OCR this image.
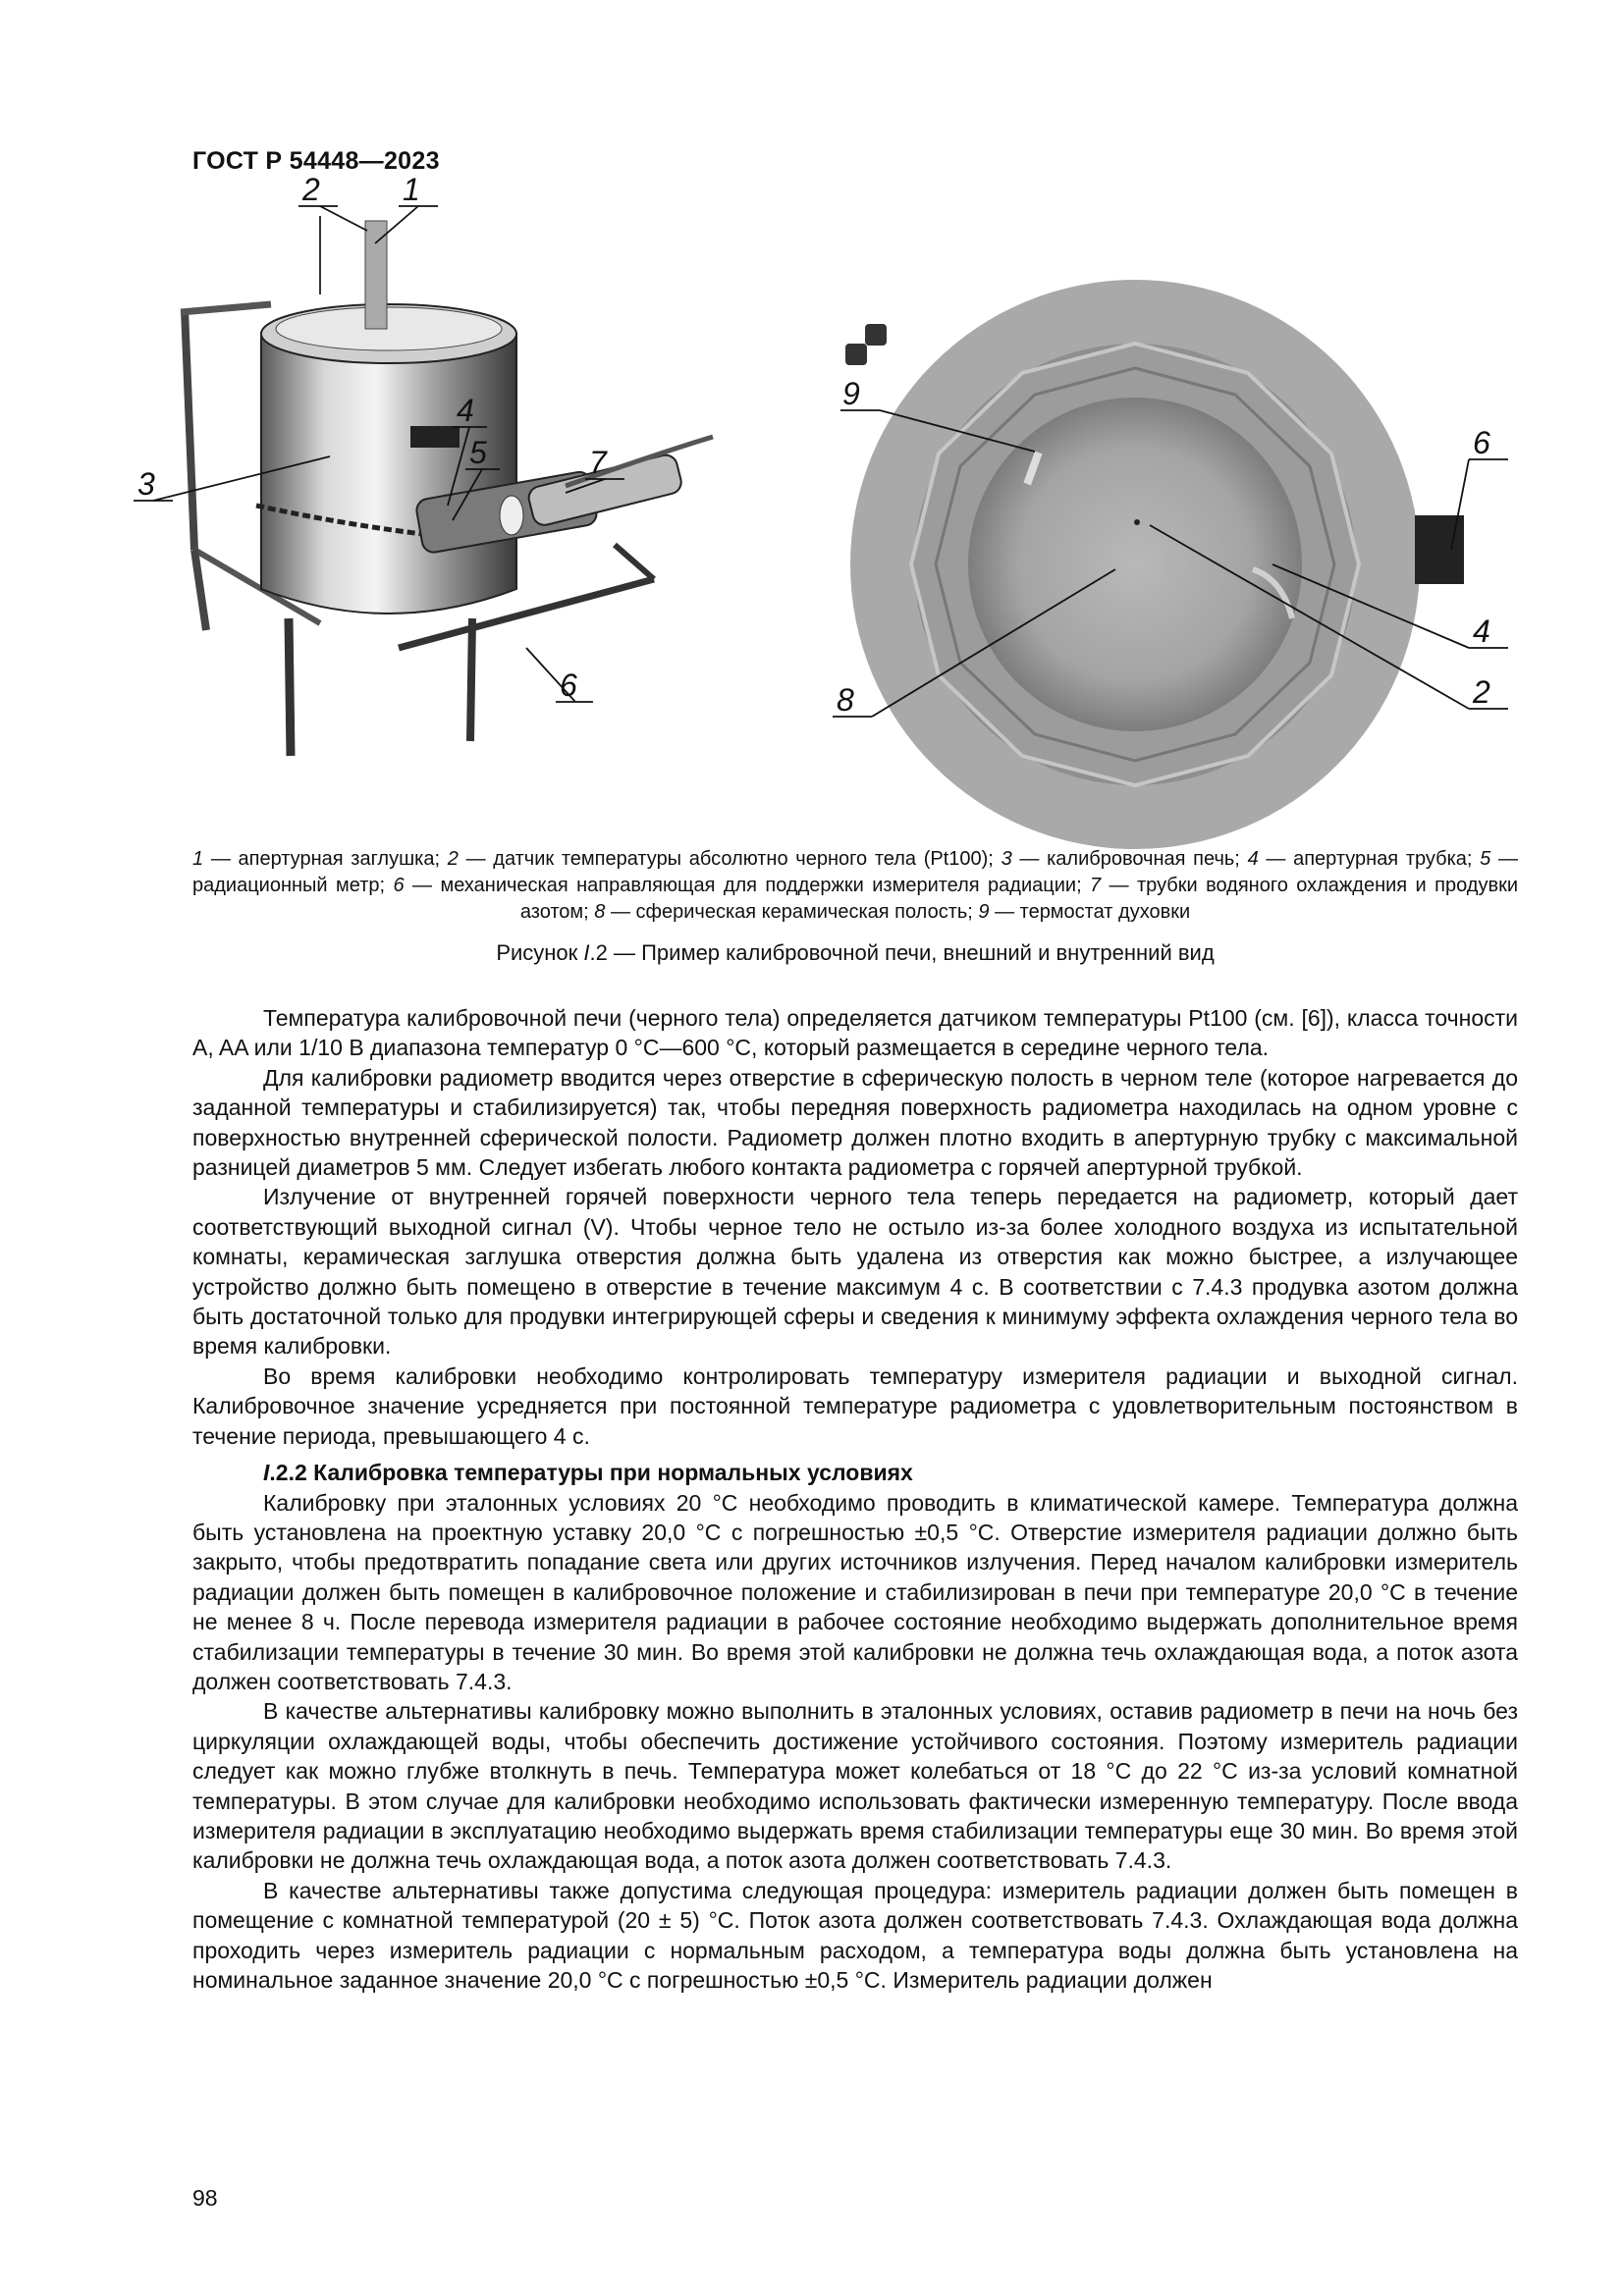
ГОСТ Р 54448—2023
2	1
3
4
5	7
6
9
6
4
8	2
1 — апертурная заглушка; 2 — датчик температуры абсолютно черного тела (Pt100); 3 — калибровочная печь; 4 — апертурная трубка; 5 — радиационный метр; 6 — механическая направляющая для поддержки измерителя радиации; 7 — трубки водяного охлаждения и продувки азотом; 8 — сферическая керамическая полость; 9 — термостат духовки
Рисунок I.2 — Пример калибровочной печи, внешний и внутренний вид

Температура калибровочной печи (черного тела) определяется датчиком температуры Pt100 (см. [6]), класса точности A, AA или 1/10 B диапазона температур 0 °C—600 °C, который размещается в середине черного тела.

Для калибровки радиометр вводится через отверстие в сферическую полость в черном теле (которое нагревается до заданной температуры и стабилизируется) так, чтобы передняя поверхность радиометра находилась на одном уровне с поверхностью внутренней сферической полости. Радиометр должен плотно входить в апертурную трубку с максимальной разницей диаметров 5 мм. Следует избегать любого контакта радиометра с горячей апертурной трубкой.

Излучение от внутренней горячей поверхности черного тела теперь передается на радиометр, который дает соответствующий выходной сигнал (V). Чтобы черное тело не остыло из-за более холодного воздуха из испытательной комнаты, керамическая заглушка отверстия должна быть удалена из отверстия как можно быстрее, а излучающее устройство должно быть помещено в отверстие в течение максимум 4 с. В соответствии с 7.4.3 продувка азотом должна быть достаточной только для продувки интегрирующей сферы и сведения к минимуму эффекта охлаждения черного тела во время калибровки.

Во время калибровки необходимо контролировать температуру измерителя радиации и выходной сигнал. Калибровочное значение усредняется при постоянной температуре радиометра с удовлетворительным постоянством в течение периода, превышающего 4 с.

I.2.2 Калибровка температуры при нормальных условиях

Калибровку при эталонных условиях 20 °C необходимо проводить в климатической камере. Температура должна быть установлена на проектную уставку 20,0 °C с погрешностью ±0,5 °C. Отверстие измерителя радиации должно быть закрыто, чтобы предотвратить попадание света или других источников излучения. Перед началом калибровки измеритель радиации должен быть помещен в калибровочное положение и стабилизирован в печи при температуре 20,0 °C в течение не менее 8 ч. После перевода измерителя радиации в рабочее состояние необходимо выдержать дополнительное время стабилизации температуры в течение 30 мин. Во время этой калибровки не должна течь охлаждающая вода, а поток азота должен соответствовать 7.4.3.

В качестве альтернативы калибровку можно выполнить в эталонных условиях, оставив радиометр в печи на ночь без циркуляции охлаждающей воды, чтобы обеспечить достижение устойчивого состояния. Поэтому измеритель радиации следует как можно глубже втолкнуть в печь. Температура может колебаться от 18 °C до 22 °C из-за условий комнатной температуры. В этом случае для калибровки необходимо использовать фактически измеренную температуру. После ввода измерителя радиации в эксплуатацию необходимо выдержать время стабилизации температуры еще 30 мин. Во время этой калибровки не должна течь охлаждающая вода, а поток азота должен соответствовать 7.4.3.

В качестве альтернативы также допустима следующая процедура: измеритель радиации должен быть помещен в помещение с комнатной температурой (20 ± 5) °C. Поток азота должен соответствовать 7.4.3. Охлаждающая вода должна проходить через измеритель радиации с нормальным расходом, а температура воды должна быть установлена на номинальное заданное значение 20,0 °C с погрешностью ±0,5 °C. Измеритель радиации должен

98
